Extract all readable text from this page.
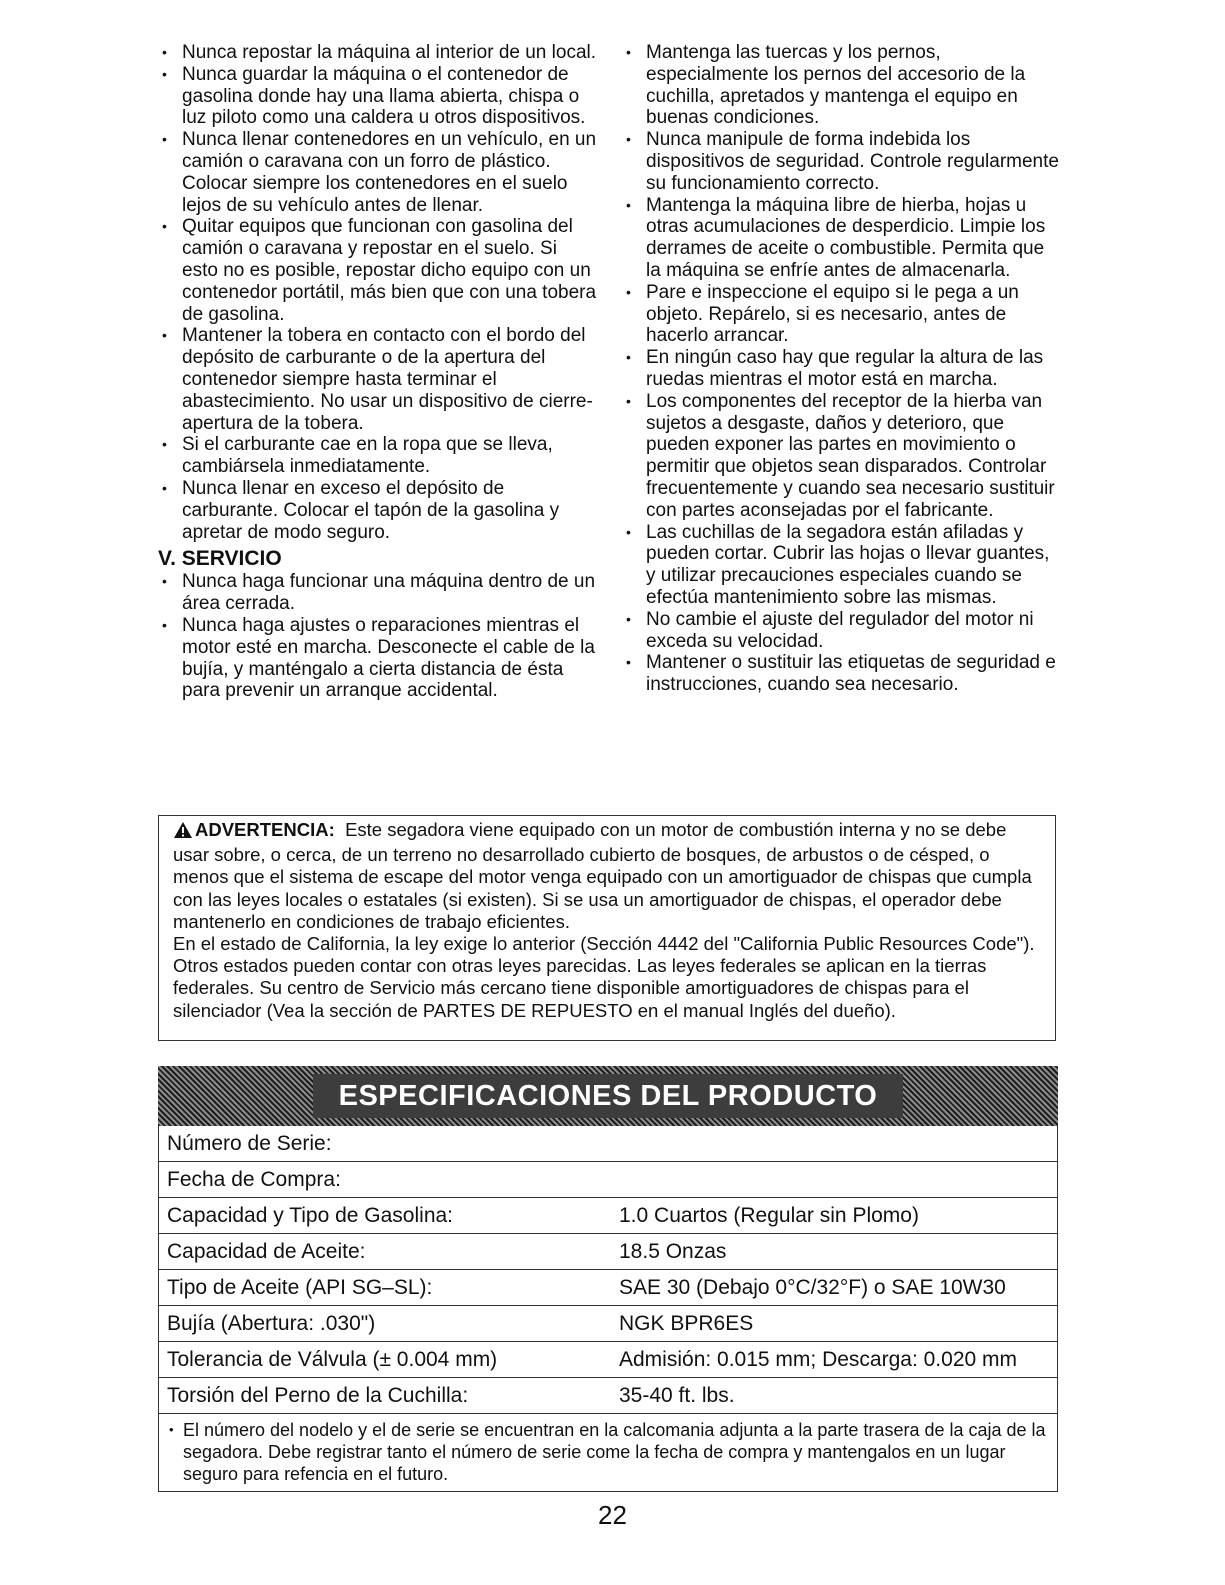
• Nunca repostar la máquina al interior de un local.
• Nunca guardar la máquina o el contenedor de gasolina donde hay una llama abierta, chispa o luz piloto como una caldera u otros dispositivos.
• Nunca llenar contenedores en un vehículo, en un camión o caravana con un forro de plástico. Colocar siempre los contenedores en el suelo lejos de su vehículo antes de llenar.
• Quitar equipos que funcionan con gasolina del camión o caravana y repostar en el suelo. Si esto no es posible, repostar dicho equipo con un contenedor portátil, más bien que con una tobera de gasolina.
• Mantener la tobera en contacto con el bordo del depósito de carburante o de la apertura del contenedor siempre hasta terminar el abastecimiento. No usar un dispositivo de cierre-apertura de la tobera.
• Si el carburante cae en la ropa que se lleva, cambiársela inmediatamente.
• Nunca llenar en exceso el depósito de carburante. Colocar el tapón de la gasolina y apretar de modo seguro.
V. SERVICIO
• Nunca haga funcionar una máquina dentro de un área cerrada.
• Nunca haga ajustes o reparaciones mientras el motor esté en marcha. Desconecte el cable de la bujía, y manténgalo a cierta distancia de ésta para prevenir un arranque accidental.
• Mantenga las tuercas y los pernos, especialmente los pernos del accesorio de la cuchilla, apretados y mantenga el equipo en buenas condiciones.
• Nunca manipule de forma indebida los dispositivos de seguridad. Controle regularmente su funcionamiento correcto.
• Mantenga la máquina libre de hierba, hojas u otras acumulaciones de desperdicio. Limpie los derrames de aceite o combustible. Permita que la máquina se enfríe antes de almacenarla.
• Pare e inspeccione el equipo si le pega a un objeto. Repárelo, si es necesario, antes de hacerlo arrancar.
• En ningún caso hay que regular la altura de las ruedas mientras el motor está en marcha.
• Los componentes del receptor de la hierba van sujetos a desgaste, daños y deterioro, que pueden exponer las partes en movimiento o permitir que objetos sean disparados. Controlar frecuentemente y cuando sea necesario sustituir con partes aconsejadas por el fabricante.
• Las cuchillas de la segadora están afiladas y pueden cortar. Cubrir las hojas o llevar guantes, y utilizar precauciones especiales cuando se efectúa mantenimiento sobre las mismas.
• No cambie el ajuste del regulador del motor ni exceda su velocidad.
• Mantener o sustituir las etiquetas de seguridad e instrucciones, cuando sea necesario.
ADVERTENCIA: Este segadora viene equipado con un motor de combustión interna y no se debe usar sobre, o cerca, de un terreno no desarrollado cubierto de bosques, de arbustos o de césped, o menos que el sistema de escape del motor venga equipado con un amortiguador de chispas que cumpla con las leyes locales o estatales (si existen). Si se usa un amortiguador de chispas, el operador debe mantenerlo en condiciones de trabajo eficientes.
En el estado de California, la ley exige lo anterior (Sección 4442 del "California Public Resources Code"). Otros estados pueden contar con otras leyes parecidas. Las leyes federales se aplican en la tierras federales. Su centro de Servicio más cercano tiene disponible amortiguadores de chispas para el silenciador (Vea la sección de PARTES DE REPUESTO en el manual Inglés del dueño).
ESPECIFICACIONES DEL PRODUCTO
Número de Serie:	
Fecha de Compra:	
Capacidad y Tipo de Gasolina:	1.0 Cuartos (Regular sin Plomo)
Capacidad de Aceite:	18.5 Onzas
Tipo de Aceite (API SG–SL):	SAE 30 (Debajo 0°C/32°F) o SAE 10W30
Bujía (Abertura: .030")	NGK BPR6ES
Tolerancia de Válvula (± 0.004 mm)	Admisión: 0.015 mm; Descarga: 0.020 mm
Torsión del Perno de la Cuchilla:	35-40 ft. lbs.
• El número del nodelo y el de serie se encuentran en la calcomania adjunta a la parte trasera de la caja de la segadora. Debe registrar tanto el número de serie come la fecha de compra y mantengalos en un lugar seguro para refencia en el futuro.
22
